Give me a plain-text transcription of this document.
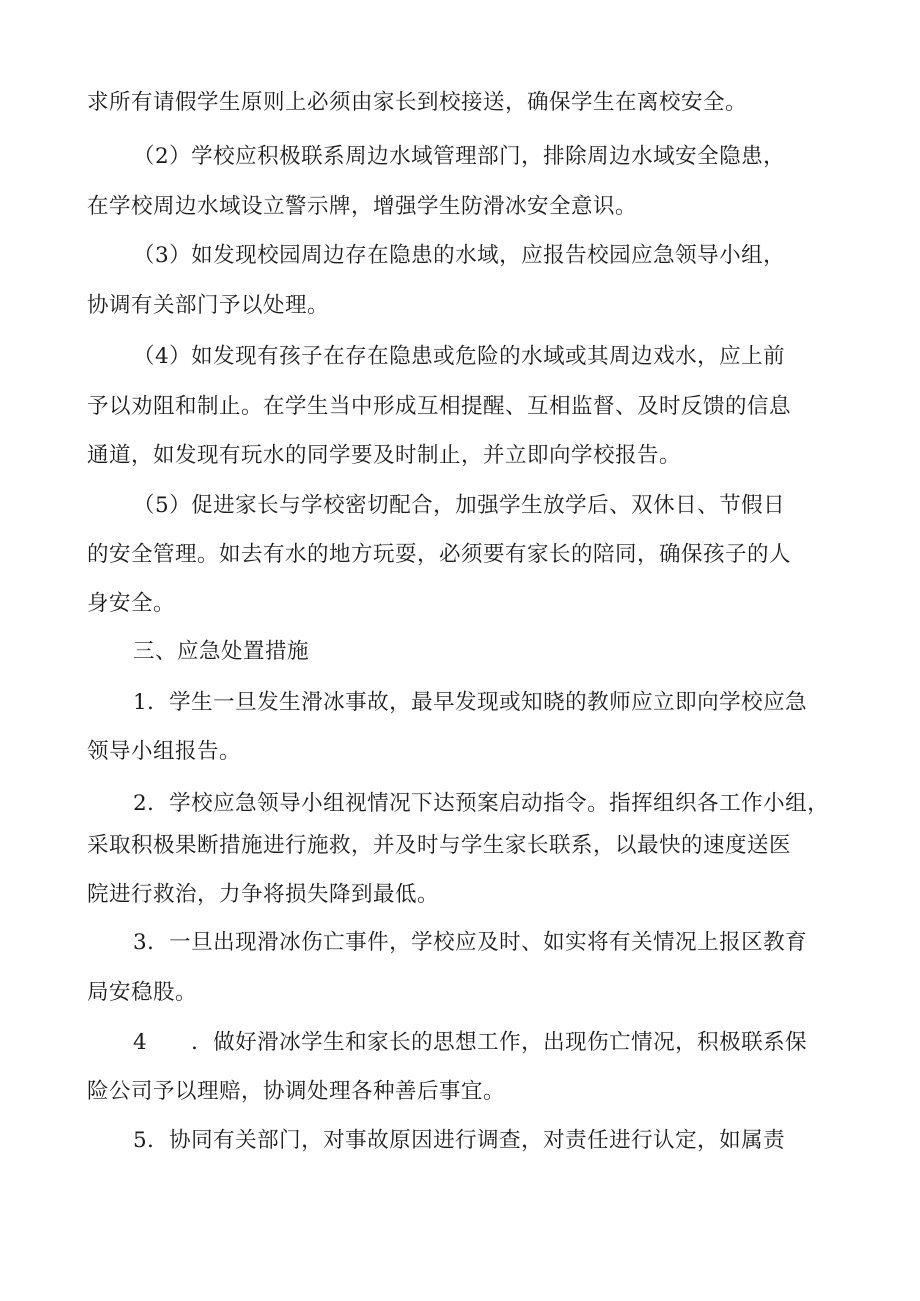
求所有请假学生原则上必须由家长到校接送，确保学生在离校安全。
（2）学校应积极联系周边水域管理部门，排除周边水域安全隐患，
在学校周边水域设立警示牌，增强学生防滑冰安全意识。
（3）如发现校园周边存在隐患的水域，应报告校园应急领导小组，
协调有关部门予以处理。
（4）如发现有孩子在存在隐患或危险的水域或其周边戏水，应上前
予以劝阻和制止。在学生当中形成互相提醒、互相监督、及时反馈的信息
通道，如发现有玩水的同学要及时制止，并立即向学校报告。
（5）促进家长与学校密切配合，加强学生放学后、双休日、节假日
的安全管理。如去有水的地方玩耍，必须要有家长的陪同，确保孩子的人
身安全。
三、应急处置措施
1．学生一旦发生滑冰事故，最早发现或知晓的教师应立即向学校应急
领导小组报告。
2．学校应急领导小组视情况下达预案启动指令。指挥组织各工作小组，
采取积极果断措施进行施救，并及时与学生家长联系，以最快的速度送医
院进行救治，力争将损失降到最低。
3．一旦出现滑冰伤亡事件，学校应及时、如实将有关情况上报区教育
局安稳股。
4　　．做好滑冰学生和家长的思想工作，出现伤亡情况，积极联系保
险公司予以理赔，协调处理各种善后事宜。
5．协同有关部门，对事故原因进行调查，对责任进行认定，如属责
